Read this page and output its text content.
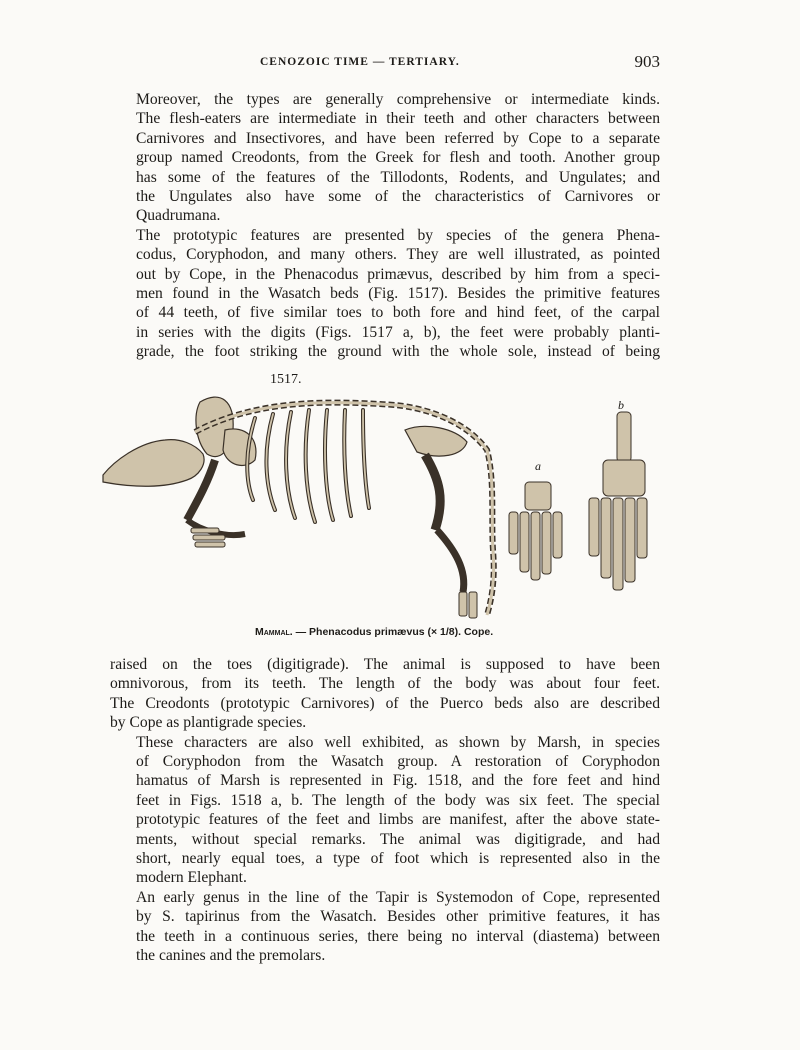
CENOZOIC TIME — TERTIARY.	903

Moreover, the types are generally comprehensive or intermediate kinds.
The flesh-eaters are intermediate in their teeth and other characters between
Carnivores and Insectivores, and have been referred by Cope to a separate
group named Creodonts, from the Greek for flesh and tooth. Another group
has some of the features of the Tillodonts, Rodents, and Ungulates; and
the Ungulates also have some of the characteristics of Carnivores or
Quadrumana.

The prototypic features are presented by species of the genera Phena-
codus, Coryphodon, and many others. They are well illustrated, as pointed
out by Cope, in the Phenacodus primævus, described by him from a speci-
men found in the Wasatch beds (Fig. 1517). Besides the primitive features
of 44 teeth, of five similar toes to both fore and hind feet, of the carpal
in series with the digits (Figs. 1517 a, b), the feet were probably planti-
grade, the foot striking the ground with the whole sole, instead of being

1517.
a
b
Mammal. — Phenacodus primævus (× 1/8). Cope.

raised on the toes (digitigrade). The animal is supposed to have been
omnivorous, from its teeth. The length of the body was about four feet.
The Creodonts (prototypic Carnivores) of the Puerco beds also are described
by Cope as plantigrade species.

These characters are also well exhibited, as shown by Marsh, in species
of Coryphodon from the Wasatch group. A restoration of Coryphodon
hamatus of Marsh is represented in Fig. 1518, and the fore feet and hind
feet in Figs. 1518 a, b. The length of the body was six feet. The special
prototypic features of the feet and limbs are manifest, after the above state-
ments, without special remarks. The animal was digitigrade, and had
short, nearly equal toes, a type of foot which is represented also in the
modern Elephant.

An early genus in the line of the Tapir is Systemodon of Cope, represented
by S. tapirinus from the Wasatch. Besides other primitive features, it has
the teeth in a continuous series, there being no interval (diastema) between
the canines and the premolars.
